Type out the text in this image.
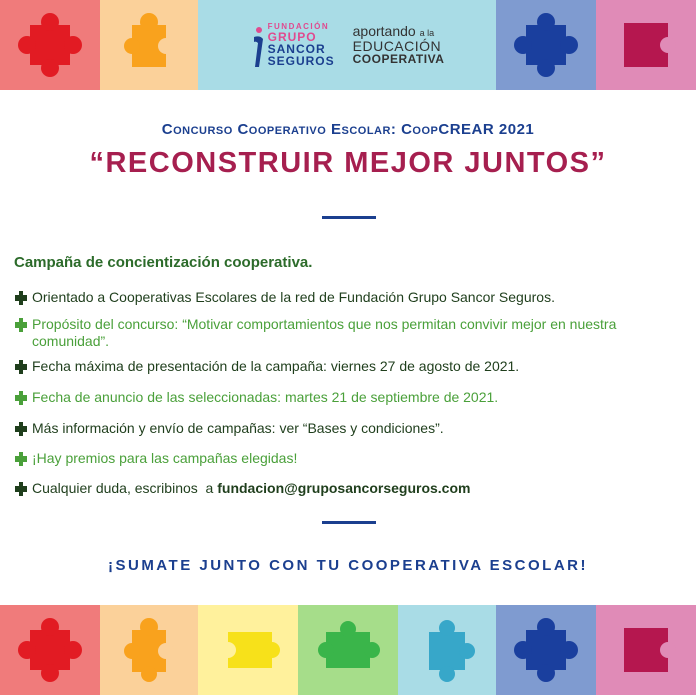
FUNDACIÓN
GRUPO
SANCOR
SEGUROS
aportando a la
EDUCACIÓN
COOPERATIVA
Concurso Cooperativo Escolar: CoopCREAR 2021
“RECONSTRUIR MEJOR JUNTOS”
Campaña de concientización cooperativa.
Orientado a Cooperativas Escolares de la red de Fundación Grupo Sancor Seguros.
Propósito del concurso: “Motivar comportamientos que nos permitan convivir mejor en nuestra comunidad”.
Fecha máxima de presentación de la campaña: viernes 27 de agosto de 2021.
Fecha de anuncio de las seleccionadas: martes 21 de septiembre de 2021.
Más información y envío de campañas: ver “Bases y condiciones”.
¡Hay premios para las campañas elegidas!
Cualquier duda, escribinos  a fundacion@gruposancorseguros.com
¡SUMATE JUNTO CON TU COOPERATIVA ESCOLAR!
